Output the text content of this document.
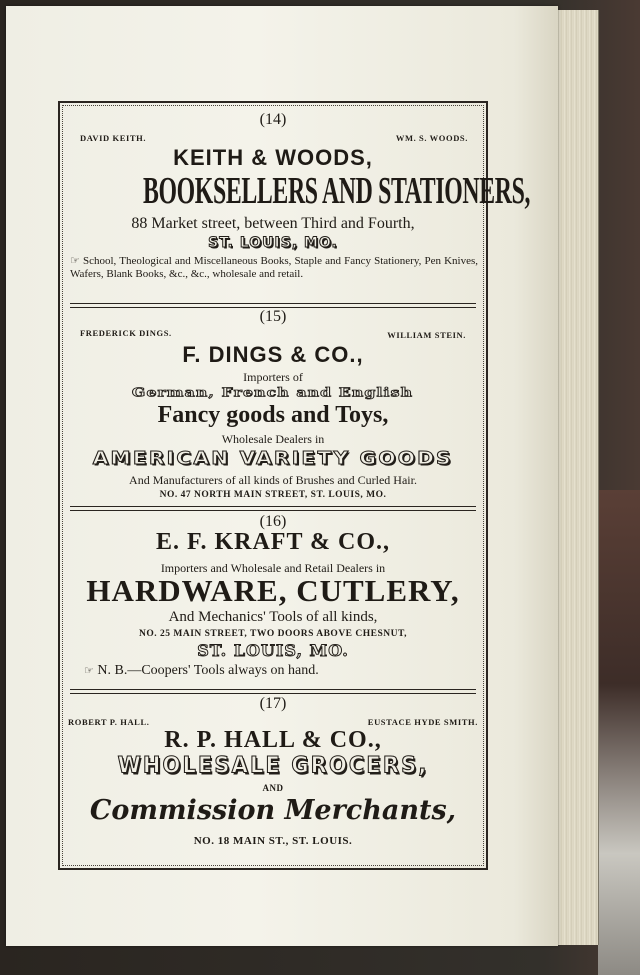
(14)
DAVID KEITH.	WM. S. WOODS.
KEITH & WOODS,
BOOKSELLERS AND STATIONERS,
88 Market street, between Third and Fourth,
ST. LOUIS, MO.
☞ School, Theological and Miscellaneous Books, Staple and Fancy Stationery, Pen Knives, Wafers, Blank Books, &c., &c., wholesale and retail.
(15)
FREDERICK DINGS.	WILLIAM STEIN.
F. DINGS & CO.,
Importers of
German, French and English
Fancy goods and Toys,
Wholesale Dealers in
AMERICAN VARIETY GOODS
And Manufacturers of all kinds of Brushes and Curled Hair.
NO. 47 NORTH MAIN STREET, ST. LOUIS, MO.
(16)
E. F. KRAFT & CO.,
Importers and Wholesale and Retail Dealers in
HARDWARE, CUTLERY,
And Mechanics' Tools of all kinds,
NO. 25 MAIN STREET, TWO DOORS ABOVE CHESNUT,
ST. LOUIS, MO.
☞ N. B.—Coopers' Tools always on hand.
(17)
ROBERT P. HALL.	EUSTACE HYDE SMITH.
R. P. HALL & CO.,
WHOLESALE GROCERS,
AND
Commission Merchants,
NO. 18 MAIN ST., ST. LOUIS.
